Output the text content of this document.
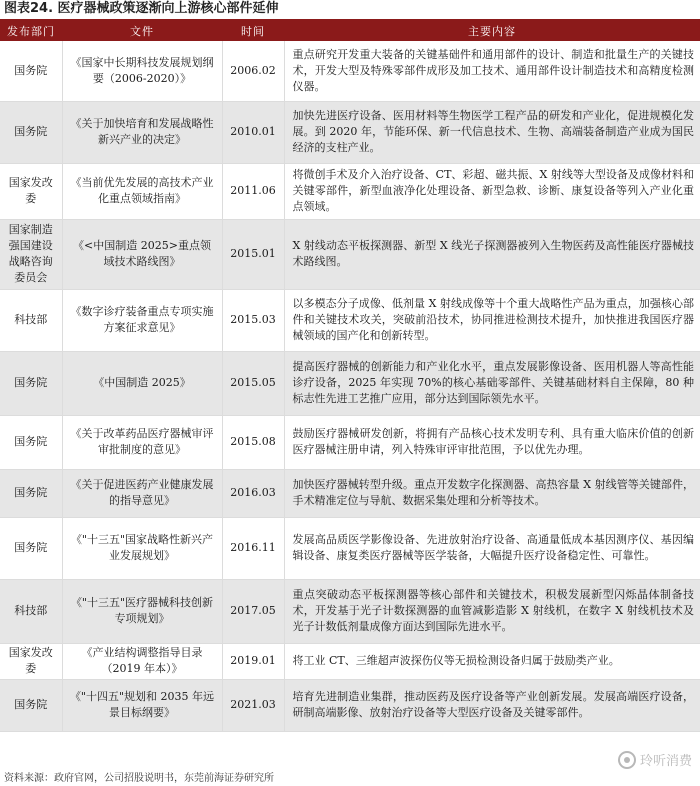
图表24. 医疗器械政策逐渐向上游核心部件延伸
发布部门	文件	时间	主要内容
国务院	《国家中长期科技发展规划纲要（2006-2020）》	2006.02	重点研究开发重大装备的关键基础件和通用部件的设计、制造和批量生产的关键技术，开发大型及特殊零部件成形及加工技术、通用部件设计制造技术和高精度检测仪器。
国务院	《关于加快培育和发展战略性新兴产业的决定》	2010.01	加快先进医疗设备、医用材料等生物医学工程产品的研发和产业化，促进规模化发展。到 2020 年，节能环保、新一代信息技术、生物、高端装备制造产业成为国民经济的支柱产业。
国家发改委	《当前优先发展的高技术产业化重点领域指南》	2011.06	将微创手术及介入治疗设备、CT、彩超、磁共振、X 射线等大型设备及成像材料和关键零部件，新型血液净化处理设备、新型急救、诊断、康复设备等列入产业化重点领域。
国家制造强国建设战略咨询委员会	《<中国制造 2025>重点领域技术路线图》	2015.01	X 射线动态平板探测器、新型 X 线光子探测器被列入生物医药及高性能医疗器械技术路线图。
科技部	《数字诊疗装备重点专项实施方案征求意见》	2015.03	以多模态分子成像、低剂量 X 射线成像等十个重大战略性产品为重点，加强核心部件和关键技术攻关，突破前沿技术，协同推进检测技术提升，加快推进我国医疗器械领域的国产化和创新转型。
国务院	《中国制造 2025》	2015.05	提高医疗器械的创新能力和产业化水平，重点发展影像设备、医用机器人等高性能诊疗设备，2025 年实现 70%的核心基础零部件、关键基础材料自主保障，80 种标志性先进工艺推广应用，部分达到国际领先水平。
国务院	《关于改革药品医疗器械审评审批制度的意见》	2015.08	鼓励医疗器械研发创新，将拥有产品核心技术发明专利、具有重大临床价值的创新医疗器械注册申请，列入特殊审评审批范围，予以优先办理。
国务院	《关于促进医药产业健康发展的指导意见》	2016.03	加快医疗器械转型升级。重点开发数字化探测器、高热容量 X 射线管等关键部件，手术精准定位与导航、数据采集处理和分析等技术。
国务院	《"十三五"国家战略性新兴产业发展规划》	2016.11	发展高品质医学影像设备、先进放射治疗设备、高通量低成本基因测序仪、基因编辑设备、康复类医疗器械等医学装备，大幅提升医疗设备稳定性、可靠性。
科技部	《"十三五"医疗器械科技创新专项规划》	2017.05	重点突破动态平板探测器等核心部件和关键技术，积极发展新型闪烁晶体制备技术，开发基于光子计数探测器的血管减影造影 X 射线机，在数字 X 射线机技术及光子计数低剂量成像方面达到国际先进水平。
国家发改委	《产业结构调整指导目录（2019 年本）》	2019.01	将工业 CT、三维超声波探伤仪等无损检测设备归属于鼓励类产业。
国务院	《"十四五"规划和 2035 年远景目标纲要》	2021.03	培育先进制造业集群，推动医药及医疗设备等产业创新发展。发展高端医疗设备，研制高端影像、放射治疗设备等大型医疗设备及关键零部件。
资料来源：政府官网，公司招股说明书，东莞前海证券研究所
玲听消费
